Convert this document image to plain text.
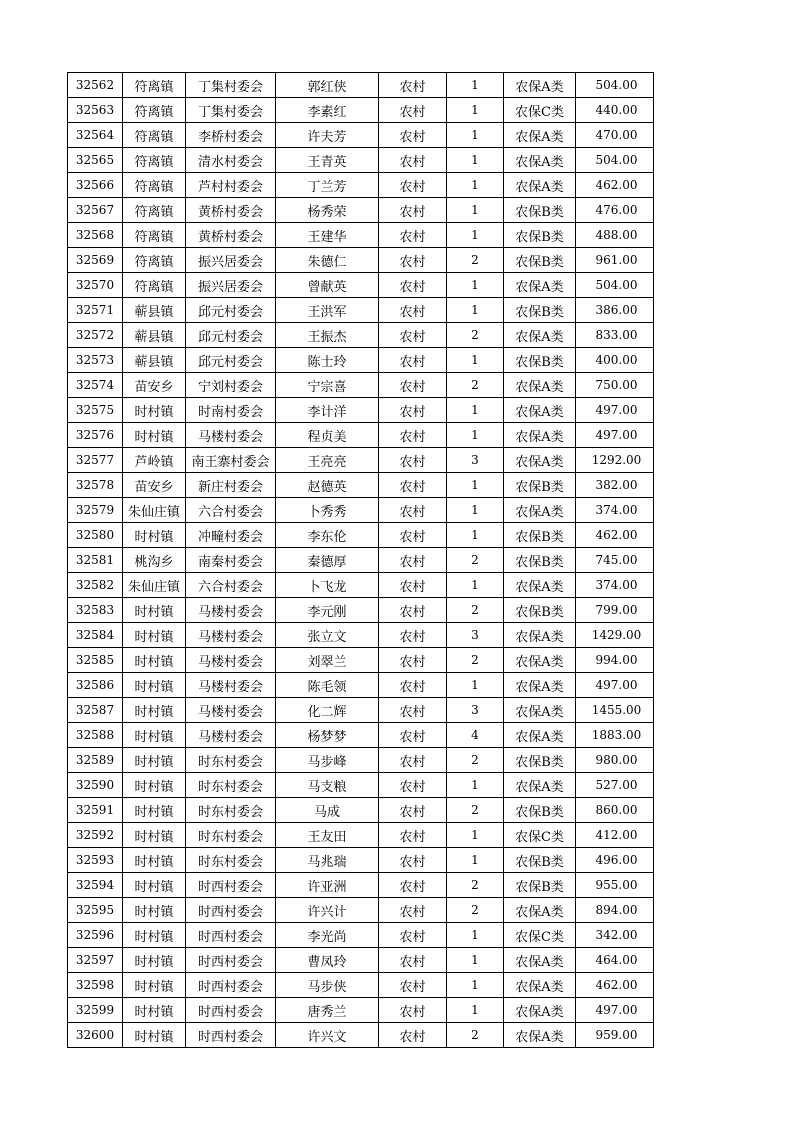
32562	符离镇	丁集村委会	郭红侠	农村	1	农保A类	504.00
32563	符离镇	丁集村委会	李素红	农村	1	农保C类	440.00
32564	符离镇	李桥村委会	许夫芳	农村	1	农保A类	470.00
32565	符离镇	清水村委会	王青英	农村	1	农保A类	504.00
32566	符离镇	芦村村委会	丁兰芳	农村	1	农保A类	462.00
32567	符离镇	黄桥村委会	杨秀荣	农村	1	农保B类	476.00
32568	符离镇	黄桥村委会	王建华	农村	1	农保B类	488.00
32569	符离镇	振兴居委会	朱德仁	农村	2	农保B类	961.00
32570	符离镇	振兴居委会	曾献英	农村	1	农保A类	504.00
32571	蕲县镇	邱元村委会	王洪军	农村	1	农保B类	386.00
32572	蕲县镇	邱元村委会	王振杰	农村	2	农保A类	833.00
32573	蕲县镇	邱元村委会	陈士玲	农村	1	农保B类	400.00
32574	苗安乡	宁刘村委会	宁宗喜	农村	2	农保A类	750.00
32575	时村镇	时南村委会	李计洋	农村	1	农保A类	497.00
32576	时村镇	马楼村委会	程贞美	农村	1	农保A类	497.00
32577	芦岭镇	南王寨村委会	王亮亮	农村	3	农保A类	1292.00
32578	苗安乡	新庄村委会	赵德英	农村	1	农保B类	382.00
32579	朱仙庄镇	六合村委会	卜秀秀	农村	1	农保A类	374.00
32580	时村镇	冲疃村委会	李东伦	农村	1	农保B类	462.00
32581	桃沟乡	南秦村委会	秦德厚	农村	2	农保B类	745.00
32582	朱仙庄镇	六合村委会	卜飞龙	农村	1	农保A类	374.00
32583	时村镇	马楼村委会	李元刚	农村	2	农保B类	799.00
32584	时村镇	马楼村委会	张立文	农村	3	农保A类	1429.00
32585	时村镇	马楼村委会	刘翠兰	农村	2	农保A类	994.00
32586	时村镇	马楼村委会	陈毛领	农村	1	农保A类	497.00
32587	时村镇	马楼村委会	化二辉	农村	3	农保A类	1455.00
32588	时村镇	马楼村委会	杨梦梦	农村	4	农保A类	1883.00
32589	时村镇	时东村委会	马步峰	农村	2	农保B类	980.00
32590	时村镇	时东村委会	马支粮	农村	1	农保A类	527.00
32591	时村镇	时东村委会	马成	农村	2	农保B类	860.00
32592	时村镇	时东村委会	王友田	农村	1	农保C类	412.00
32593	时村镇	时东村委会	马兆瑞	农村	1	农保B类	496.00
32594	时村镇	时西村委会	许亚洲	农村	2	农保B类	955.00
32595	时村镇	时西村委会	许兴计	农村	2	农保A类	894.00
32596	时村镇	时西村委会	李光尚	农村	1	农保C类	342.00
32597	时村镇	时西村委会	曹凤玲	农村	1	农保A类	464.00
32598	时村镇	时西村委会	马步侠	农村	1	农保A类	462.00
32599	时村镇	时西村委会	唐秀兰	农村	1	农保A类	497.00
32600	时村镇	时西村委会	许兴文	农村	2	农保A类	959.00
